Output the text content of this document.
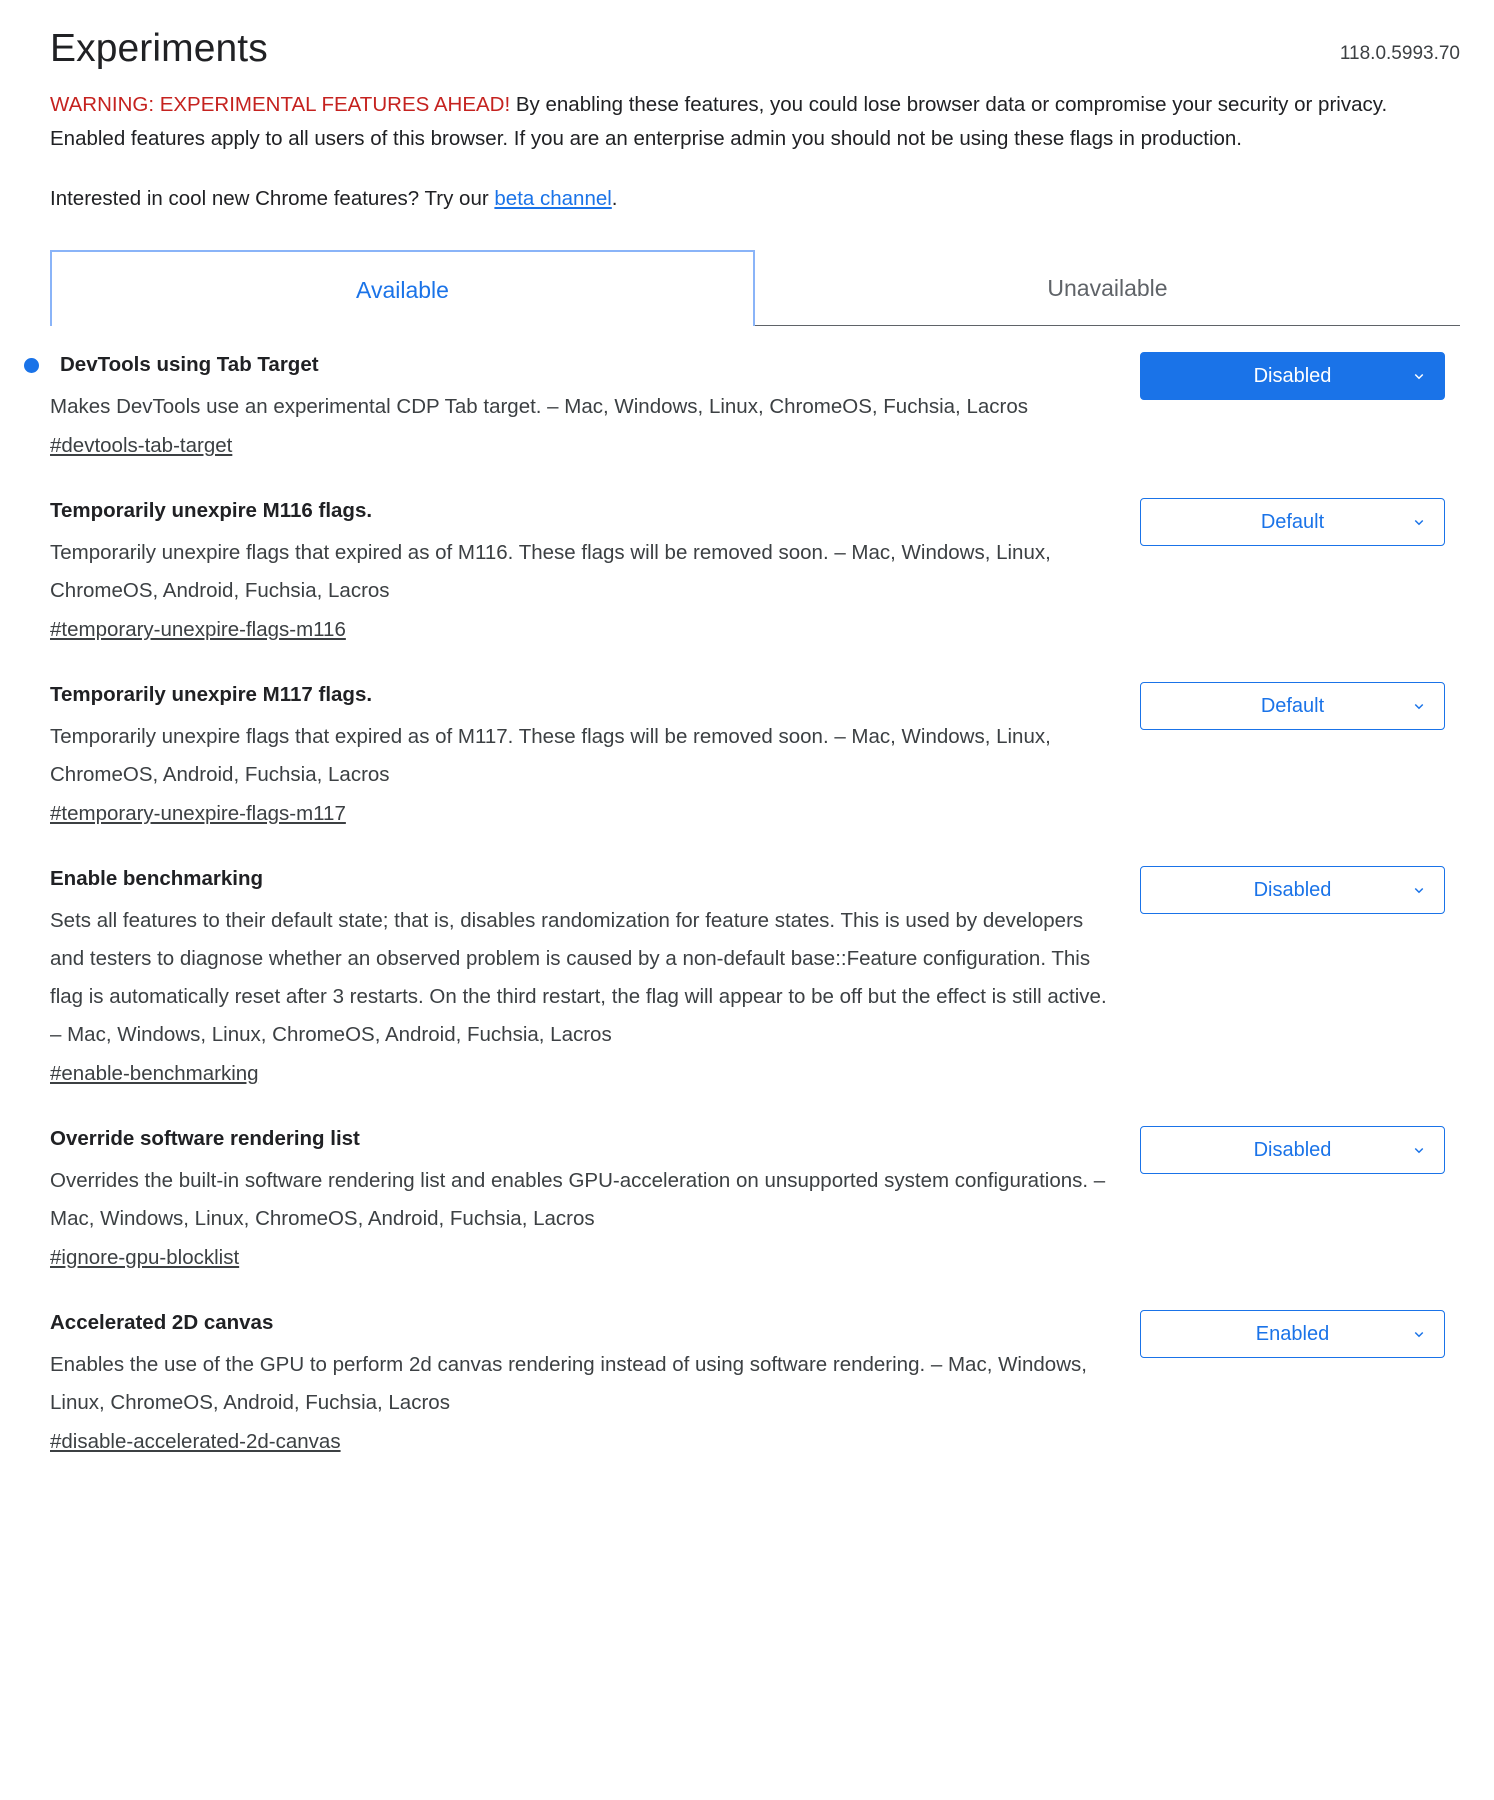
Experiments	118.0.5993.70
WARNING: EXPERIMENTAL FEATURES AHEAD! By enabling these features, you could lose browser data or compromise your security or privacy. Enabled features apply to all users of this browser. If you are an enterprise admin you should not be using these flags in production.
Interested in cool new Chrome features? Try our beta channel.
Available	Unavailable
DevTools using Tab Target
Makes DevTools use an experimental CDP Tab target. – Mac, Windows, Linux, ChromeOS, Fuchsia, Lacros
#devtools-tab-target
Disabled
Temporarily unexpire M116 flags.
Temporarily unexpire flags that expired as of M116. These flags will be removed soon. – Mac, Windows, Linux, ChromeOS, Android, Fuchsia, Lacros
#temporary-unexpire-flags-m116
Default
Temporarily unexpire M117 flags.
Temporarily unexpire flags that expired as of M117. These flags will be removed soon. – Mac, Windows, Linux, ChromeOS, Android, Fuchsia, Lacros
#temporary-unexpire-flags-m117
Default
Enable benchmarking
Sets all features to their default state; that is, disables randomization for feature states. This is used by developers and testers to diagnose whether an observed problem is caused by a non-default base::Feature configuration. This flag is automatically reset after 3 restarts. On the third restart, the flag will appear to be off but the effect is still active. – Mac, Windows, Linux, ChromeOS, Android, Fuchsia, Lacros
#enable-benchmarking
Disabled
Override software rendering list
Overrides the built-in software rendering list and enables GPU-acceleration on unsupported system configurations. – Mac, Windows, Linux, ChromeOS, Android, Fuchsia, Lacros
#ignore-gpu-blocklist
Disabled
Accelerated 2D canvas
Enables the use of the GPU to perform 2d canvas rendering instead of using software rendering. – Mac, Windows, Linux, ChromeOS, Android, Fuchsia, Lacros
#disable-accelerated-2d-canvas
Enabled
